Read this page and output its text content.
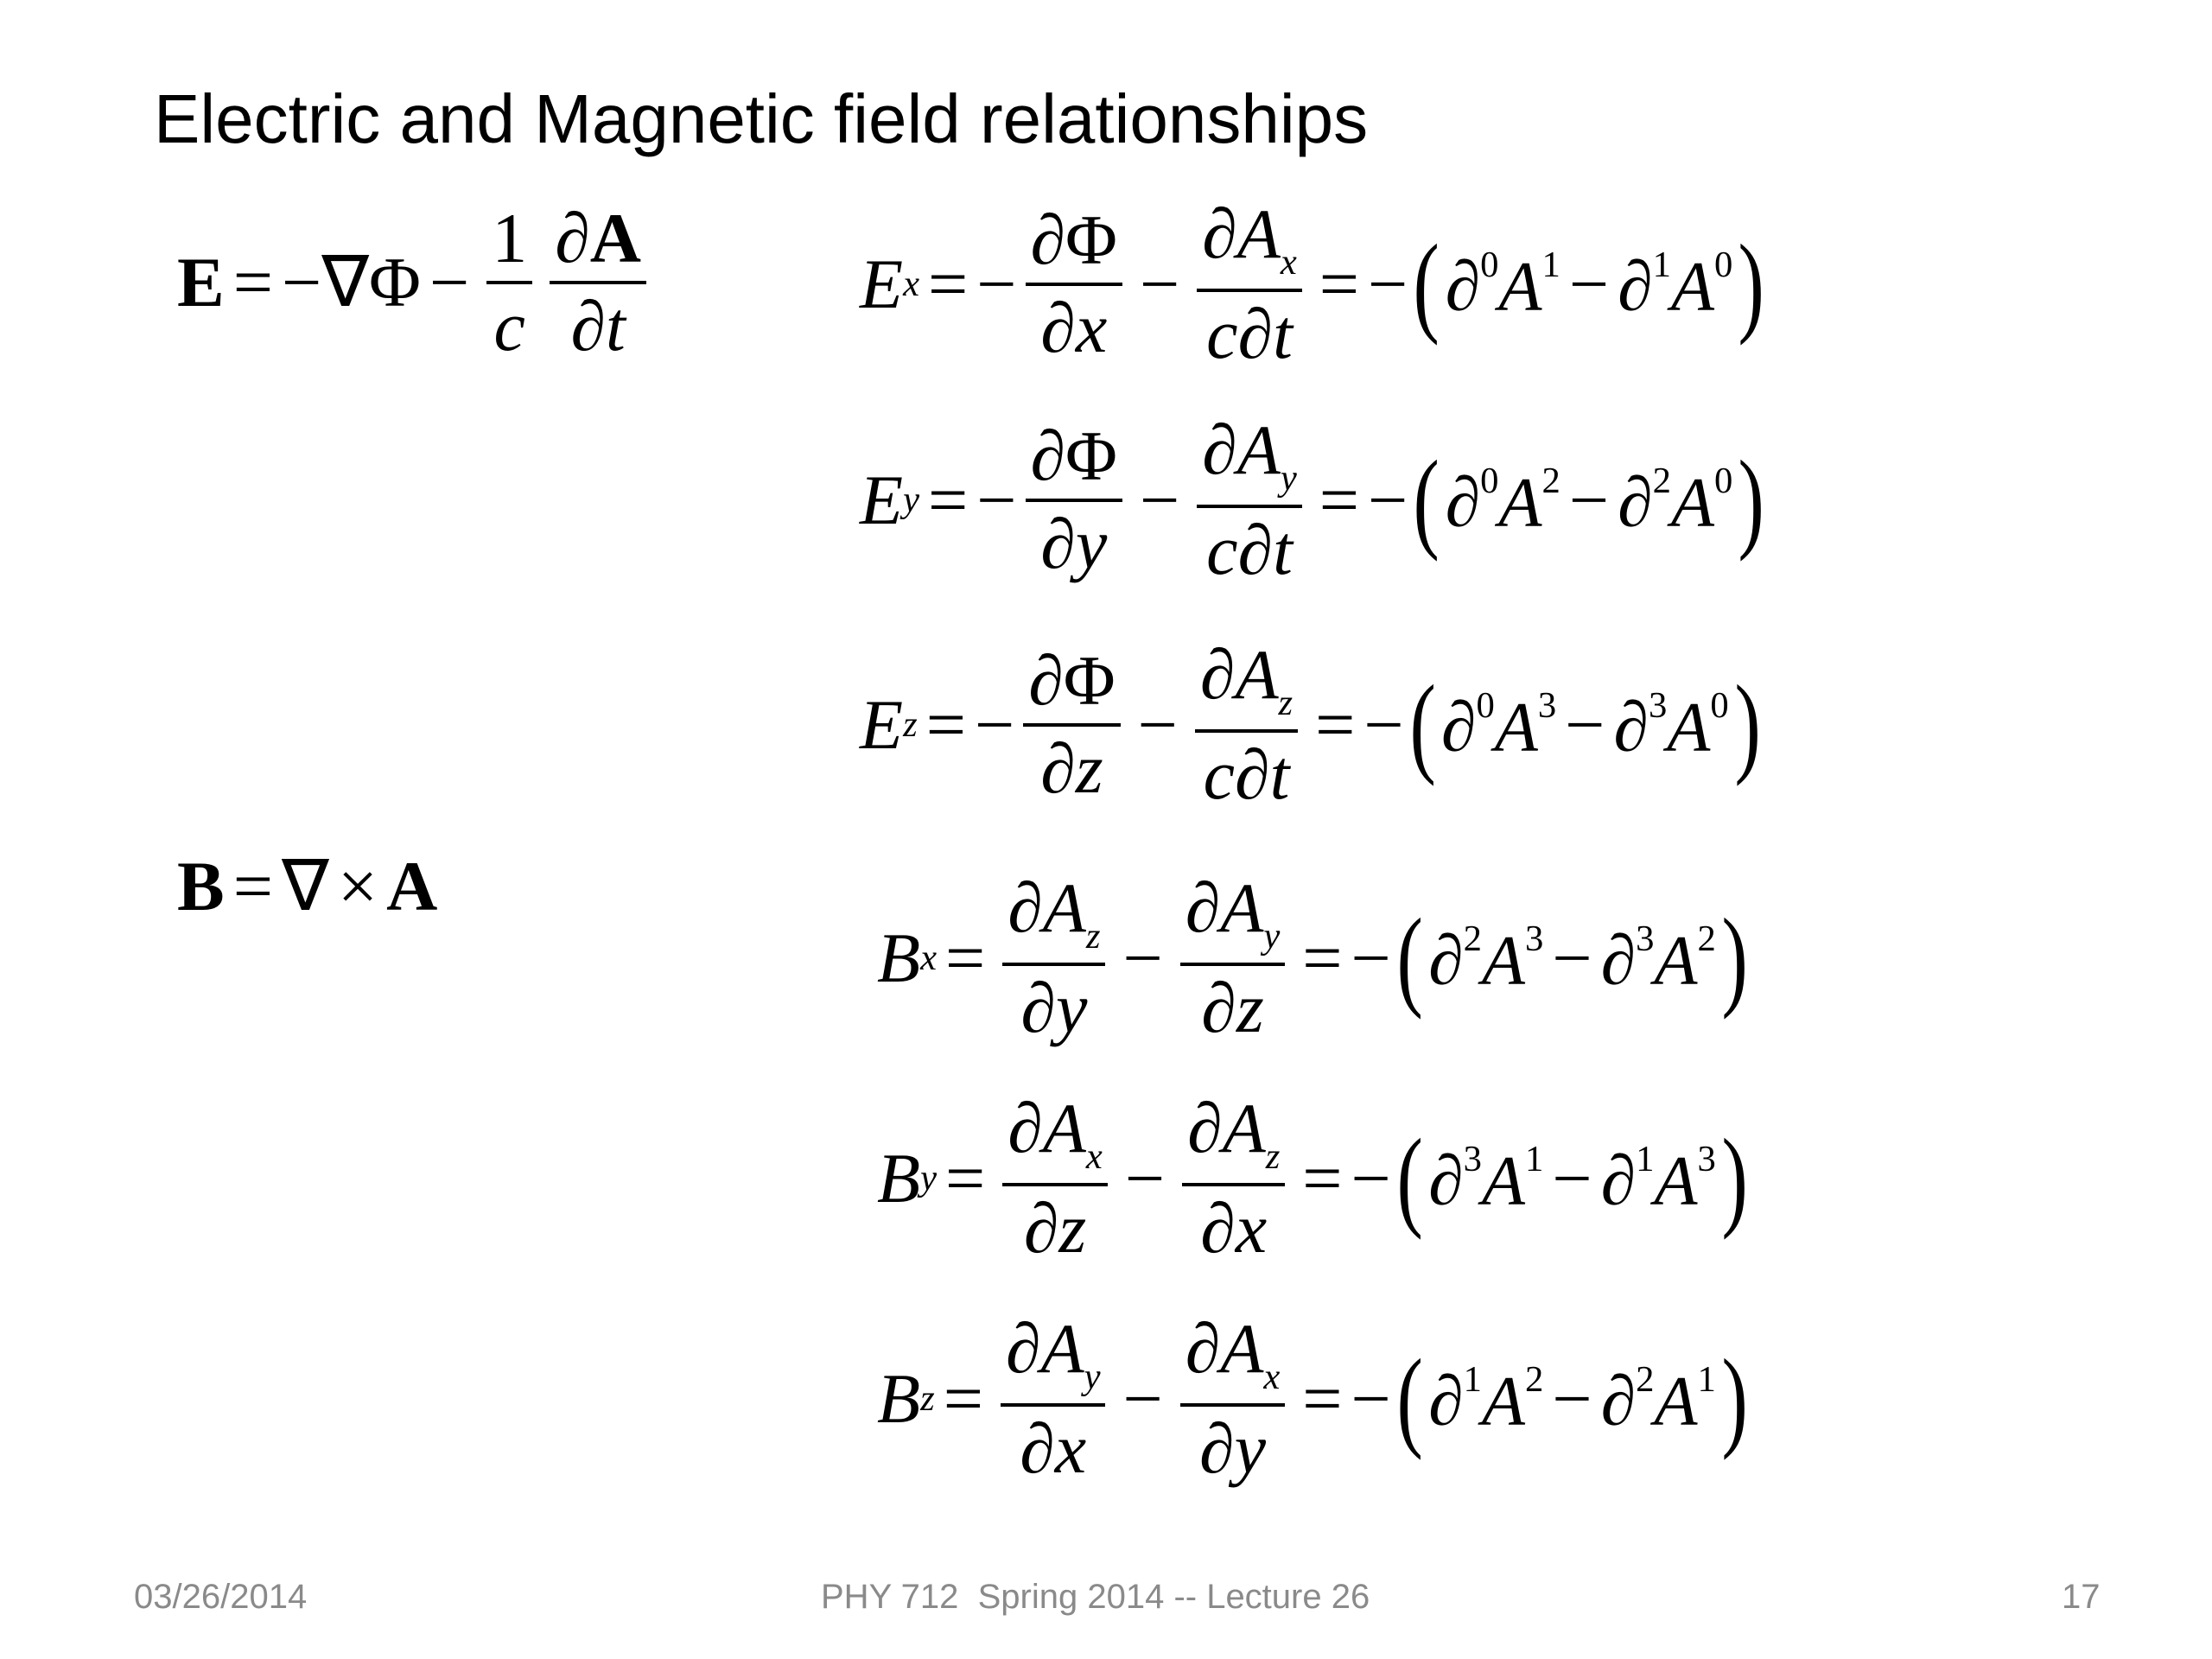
Electric and Magnetic field relationships
$E = -\nabla\Phi - \frac{1}{c} \frac{\partial A}{\partial t}$	E x = − $\frac{\partial\Phi}{\partial x} - \frac{\partial A_x}{c\partial t}$ = − ( $\partial^0A^1 - \partial^1A^0$ )
E y = − $\frac{\partial\Phi}{\partial y} - \frac{\partial A_y}{c\partial t}$ = − ( $\partial^0A^2 - \partial^2A^0$ )
E z = − $\frac{\partial\Phi}{\partial z} - \frac{\partial A_z}{c\partial t}$ = − ( $\partial^0A^3 - \partial^3A^0$ )
B = ∇ × A
B $x = \frac{\partial A_z}{\partial y} - \frac{\partial A_y}{\partial z}$ = − ( $\partial^2A^3 - \partial^3A^2$ )
B $y = \frac{\partial A_x}{\partial z} - \frac{\partial A_z}{\partial x}$ = − ( $\partial^3A^1 - \partial^1A^3$ )
B $z = \frac{\partial A_y}{\partial x} - \frac{\partial A_x}{\partial y}$ = − ( $\partial^1A^2 - \partial^2A^1$ )
03/26/2014	PHY 712  Spring 2014 -- Lecture 26	17
